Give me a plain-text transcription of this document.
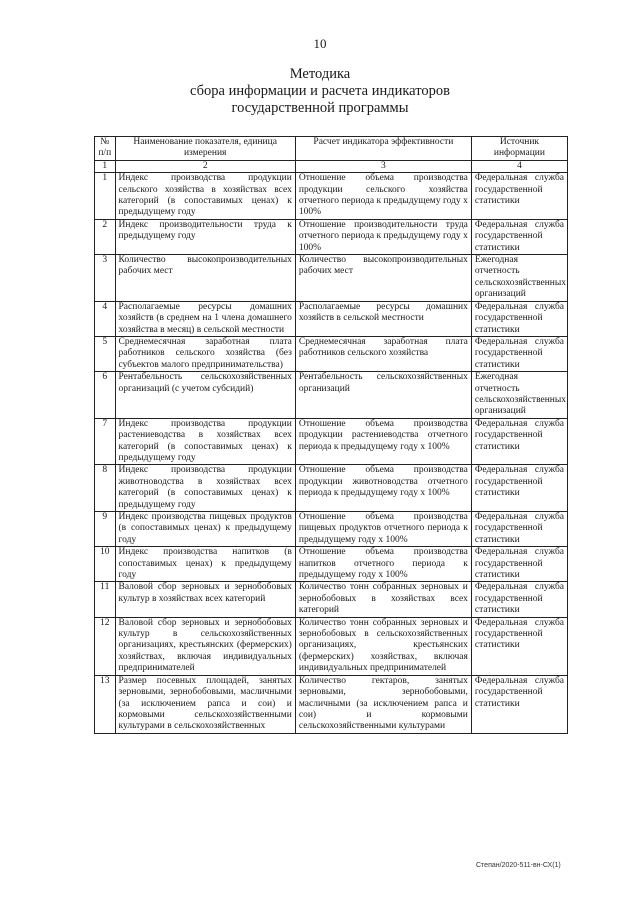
10
Методика
сбора информации и расчета индикаторов
государственной программы
№ п/п	Наименование показателя, единица измерения	Расчет индикатора эффективности	Источник информации
1	2	3	4
1	Индекс производства продукции сельского хозяйства в хозяйствах всех категорий (в сопоставимых ценах) к предыдущему году	Отношение объема производства продукции сельского хозяйства отчетного периода к предыдущему году х 100%	Федеральная служба государственной статистики
2	Индекс производительности труда к предыдущему году	Отношение производительности труда отчетного периода к предыдущему году х 100%	Федеральная служба государственной статистики
3	Количество высокопроизводительных рабочих мест	Количество высокопроизводительных рабочих мест	Ежегодная отчетность сельскохозяйственных организаций
4	Располагаемые ресурсы домашних хозяйств (в среднем на 1 члена домашнего хозяйства в месяц) в сельской местности	Располагаемые ресурсы домашних хозяйств в сельской местности	Федеральная служба государственной статистики
5	Среднемесячная заработная плата работников сельского хозяйства (без субъектов малого предпринимательства)	Среднемесячная заработная плата работников сельского хозяйства	Федеральная служба государственной статистики
6	Рентабельность сельскохозяйственных организаций (с учетом субсидий)	Рентабельность сельскохозяйственных организаций	Ежегодная отчетность сельскохозяйственных организаций
7	Индекс производства продукции растениеводства в хозяйствах всех категорий (в сопоставимых ценах) к предыдущему году	Отношение объема производства продукции растениеводства отчетного периода к предыдущему году х 100%	Федеральная служба государственной статистики
8	Индекс производства продукции животноводства в хозяйствах всех категорий (в сопоставимых ценах) к предыдущему году	Отношение объема производства продукции животноводства отчетного периода к предыдущему году х 100%	Федеральная служба государственной статистики
9	Индекс производства пищевых продуктов (в сопоставимых ценах) к предыдущему году	Отношение объема производства пищевых продуктов отчетного периода к предыдущему году х 100%	Федеральная служба государственной статистики
10	Индекс производства напитков (в сопоставимых ценах) к предыдущему году	Отношение объема производства напитков отчетного периода к предыдущему году х 100%	Федеральная служба государственной статистики
11	Валовой сбор зерновых и зернобобовых культур в хозяйствах всех категорий	Количество тонн собранных зерновых и зернобобовых в хозяйствах всех категорий	Федеральная служба государственной статистики
12	Валовой сбор зерновых и зернобобовых культур в сельскохозяйственных организациях, крестьянских (фермерских) хозяйствах, включая индивидуальных предпринимателей	Количество тонн собранных зерновых и зернобобовых в сельскохозяйственных организациях, крестьянских (фермерских) хозяйствах, включая индивидуальных предпринимателей	Федеральная служба государственной статистики
13	Размер посевных площадей, занятых зерновыми, зернобобовыми, масличными (за исключением рапса и сои) и кормовыми сельскохозяйственными культурами в сельскохозяйственных	Количество гектаров, занятых зерновыми, зернобобовыми, масличными (за исключением рапса и сои) и кормовыми сельскохозяйственными культурами	Федеральная служба государственной статистики
Степан/2020-511-вн-СХ(1)
